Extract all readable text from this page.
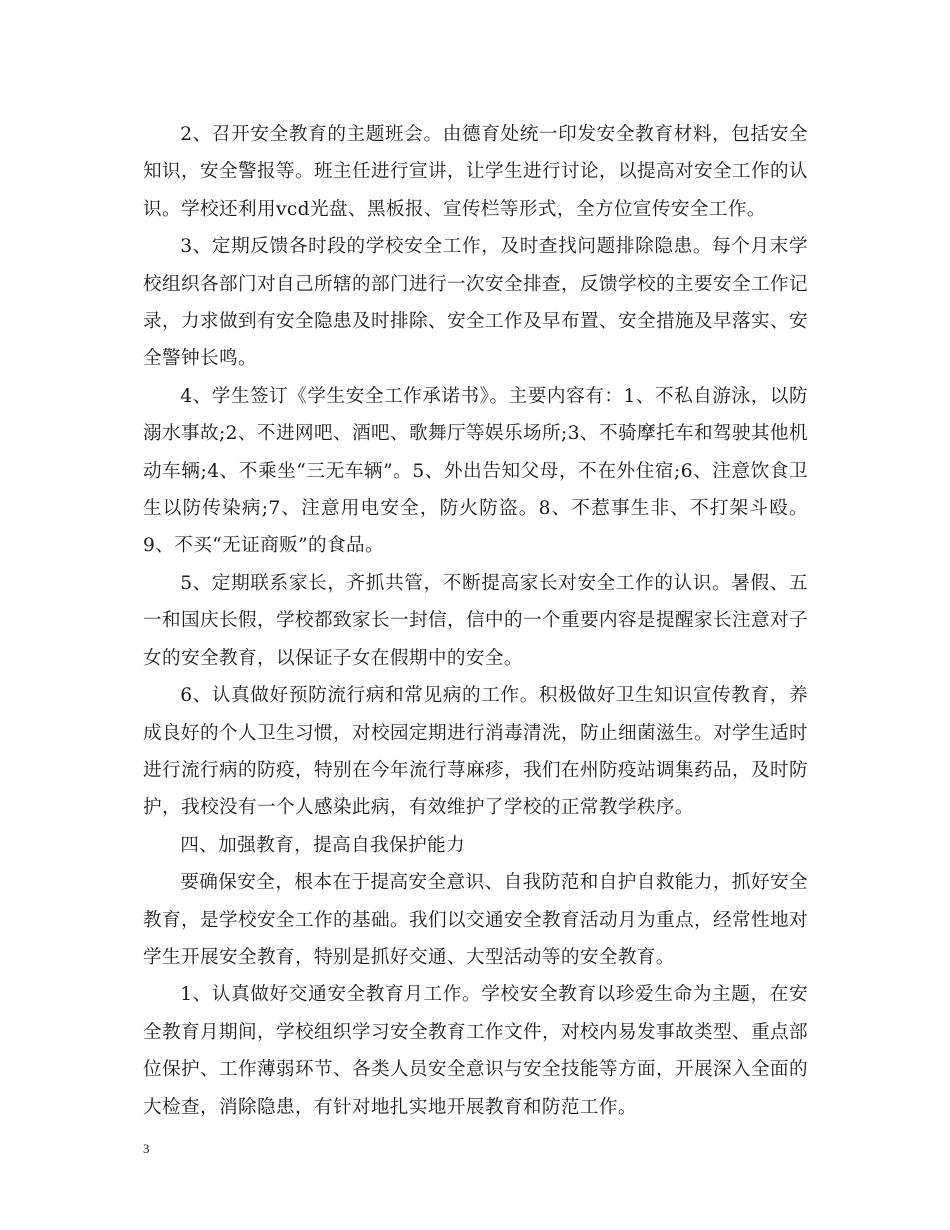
2、召开安全教育的主题班会。由德育处统一印发安全教育材料，包括安全知识，安全警报等。班主任进行宣讲，让学生进行讨论，以提高对安全工作的认识。学校还利用vcd光盘、黑板报、宣传栏等形式，全方位宣传安全工作。

3、定期反馈各时段的学校安全工作，及时查找问题排除隐患。每个月末学校组织各部门对自己所辖的部门进行一次安全排查，反馈学校的主要安全工作记录，力求做到有安全隐患及时排除、安全工作及早布置、安全措施及早落实、安全警钟长鸣。

4、学生签订《学生安全工作承诺书》。主要内容有：1、不私自游泳，以防溺水事故;2、不进网吧、酒吧、歌舞厅等娱乐场所;3、不骑摩托车和驾驶其他机动车辆;4、不乘坐“三无车辆”。5、外出告知父母，不在外住宿;6、注意饮食卫生以防传染病;7、注意用电安全，防火防盗。8、不惹事生非、不打架斗殴。9、不买“无证商贩”的食品。

5、定期联系家长，齐抓共管，不断提高家长对安全工作的认识。暑假、五一和国庆长假，学校都致家长一封信，信中的一个重要内容是提醒家长注意对子女的安全教育，以保证子女在假期中的安全。

6、认真做好预防流行病和常见病的工作。积极做好卫生知识宣传教育，养成良好的个人卫生习惯，对校园定期进行消毒清洗，防止细菌滋生。对学生适时进行流行病的防疫，特别在今年流行荨麻疹，我们在州防疫站调集药品，及时防护，我校没有一个人感染此病，有效维护了学校的正常教学秩序。

四、加强教育，提高自我保护能力

要确保安全，根本在于提高安全意识、自我防范和自护自救能力，抓好安全教育，是学校安全工作的基础。我们以交通安全教育活动月为重点，经常性地对学生开展安全教育，特别是抓好交通、大型活动等的安全教育。

1、认真做好交通安全教育月工作。学校安全教育以珍爱生命为主题，在安全教育月期间，学校组织学习安全教育工作文件，对校内易发事故类型、重点部位保护、工作薄弱环节、各类人员安全意识与安全技能等方面，开展深入全面的大检查，消除隐患，有针对地扎实地开展教育和防范工作。

3
